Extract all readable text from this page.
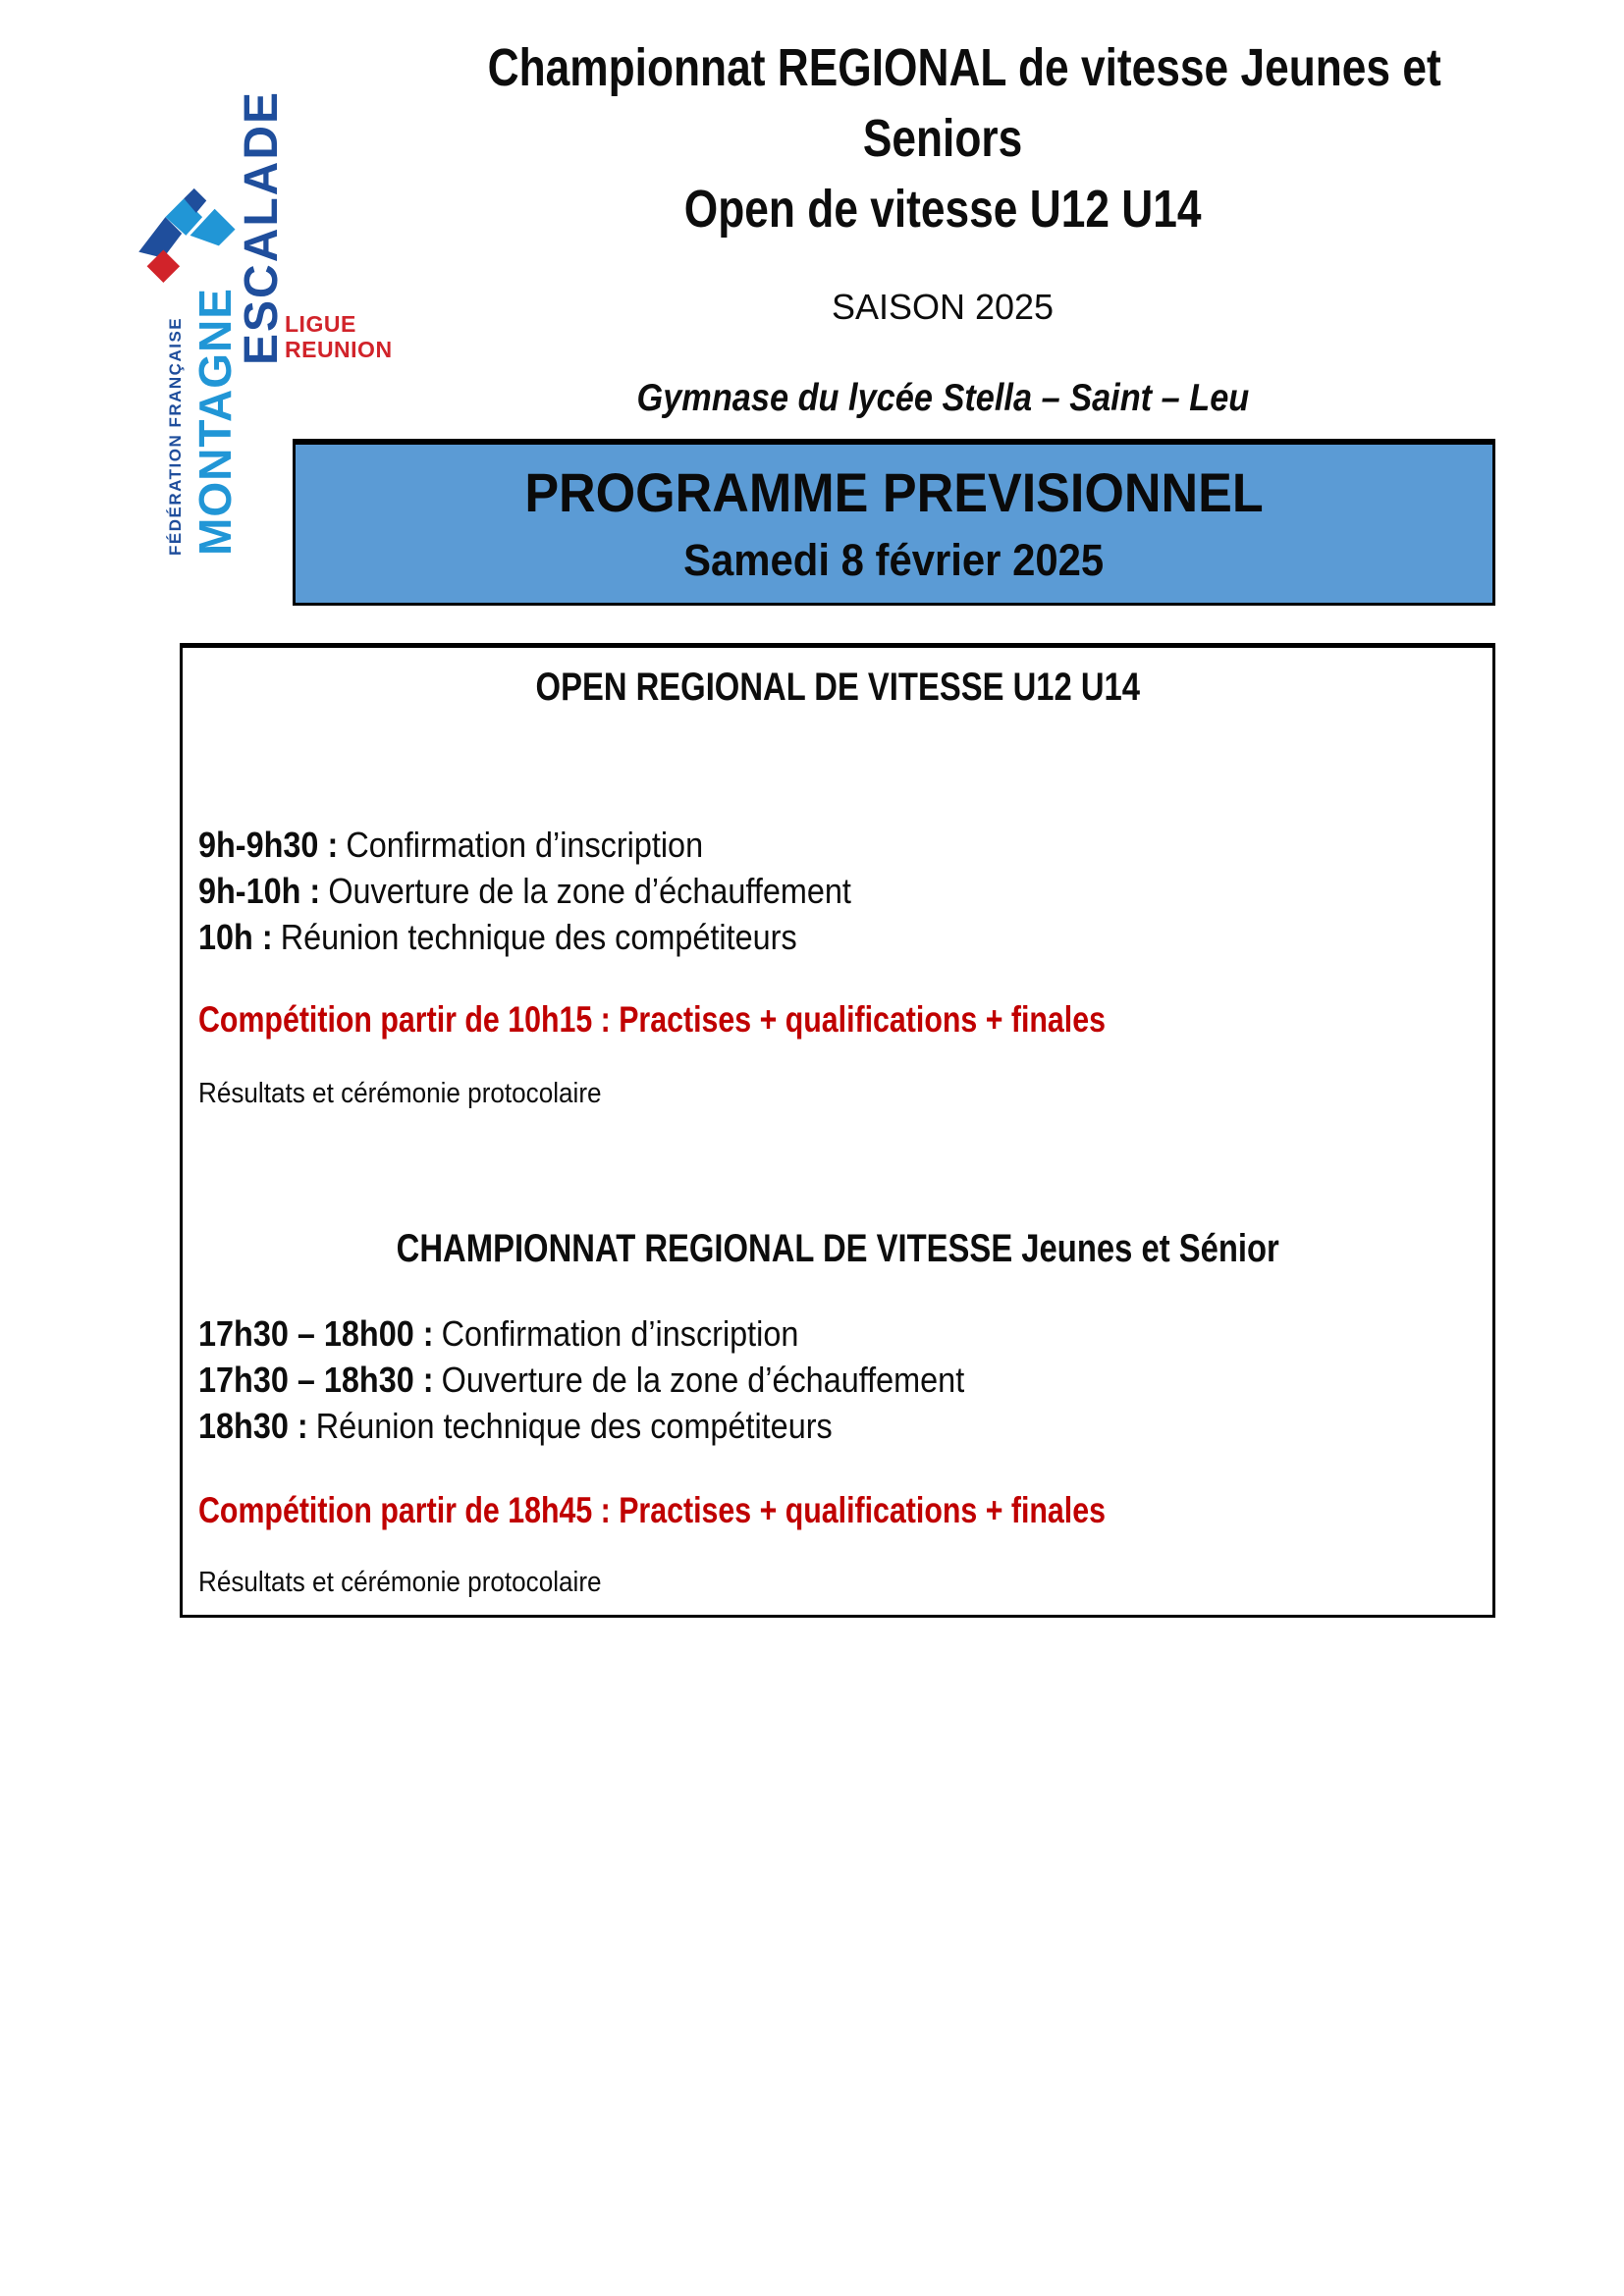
FÉDÉRATION FRANÇAISE MONTAGNE
ESCALADE
LIGUE
REUNION
Championnat REGIONAL de vitesse Jeunes et
Seniors
Open de vitesse U12 U14
SAISON 2025
Gymnase du lycée Stella – Saint – Leu
PROGRAMME PREVISIONNEL
Samedi 8 février 2025
OPEN REGIONAL DE VITESSE U12 U14
9h-9h30 : Confirmation d’inscription
9h-10h : Ouverture de la zone d’échauffement
10h : Réunion technique des compétiteurs
Compétition partir de 10h15 : Practises + qualifications + finales
Résultats et cérémonie protocolaire
CHAMPIONNAT REGIONAL DE VITESSE Jeunes et Sénior
17h30 – 18h00 : Confirmation d’inscription
17h30 – 18h30 : Ouverture de la zone d’échauffement
18h30 : Réunion technique des compétiteurs
Compétition partir de 18h45 : Practises + qualifications + finales
Résultats et cérémonie protocolaire
